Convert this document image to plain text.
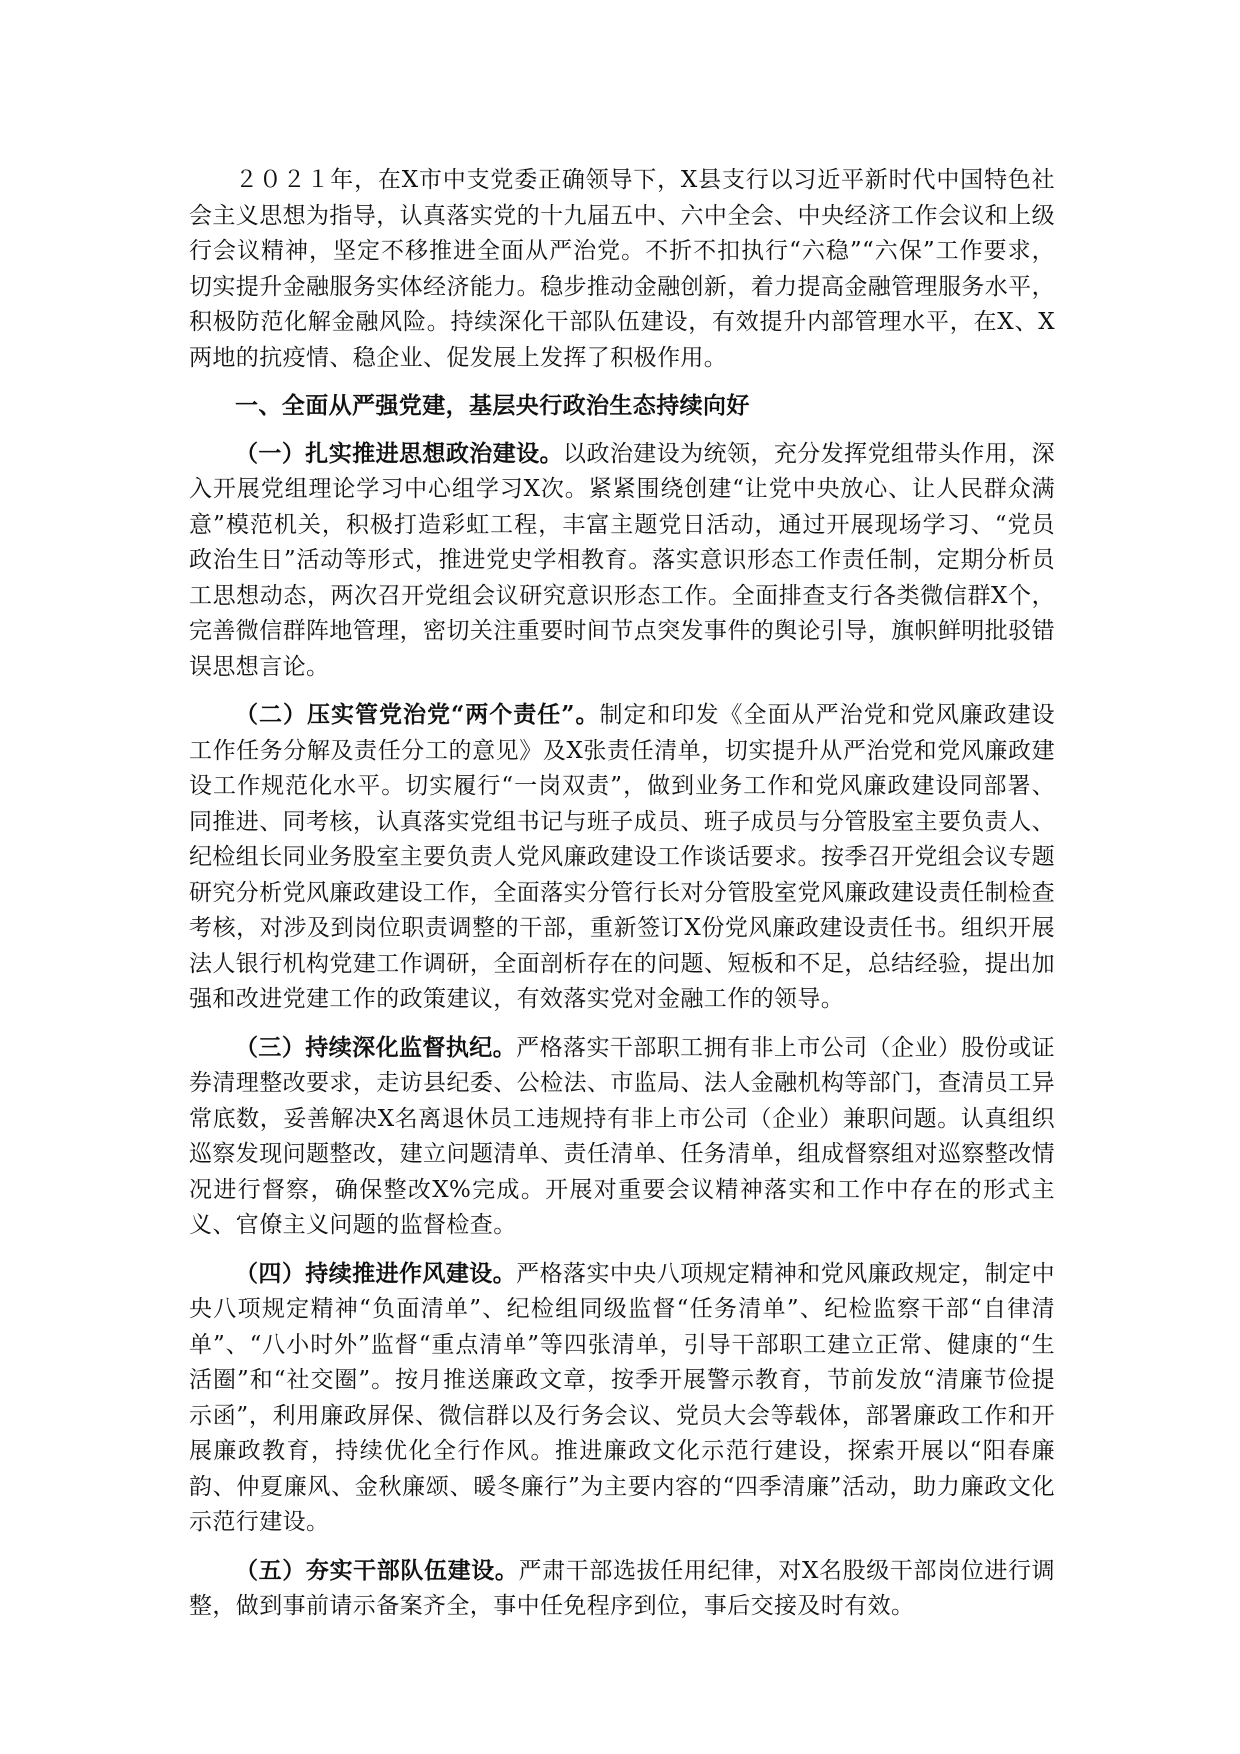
２０２１年，在X市中支党委正确领导下，X县支行以习近平新时代中国特色社会主义思想为指导，认真落实党的十九届五中、六中全会、中央经济工作会议和上级行会议精神，坚定不移推进全面从严治党。不折不扣执行“六稳”“六保”工作要求，切实提升金融服务实体经济能力。稳步推动金融创新，着力提高金融管理服务水平，积极防范化解金融风险。持续深化干部队伍建设，有效提升内部管理水平，在X、X两地的抗疫情、稳企业、促发展上发挥了积极作用。

一、全面从严强党建，基层央行政治生态持续向好

（一）扎实推进思想政治建设。以政治建设为统领，充分发挥党组带头作用，深入开展党组理论学习中心组学习X次。紧紧围绕创建“让党中央放心、让人民群众满意”模范机关，积极打造彩虹工程，丰富主题党日活动，通过开展现场学习、“党员政治生日”活动等形式，推进党史学相教育。落实意识形态工作责任制，定期分析员工思想动态，两次召开党组会议研究意识形态工作。全面排查支行各类微信群X个，完善微信群阵地管理，密切关注重要时间节点突发事件的舆论引导，旗帜鲜明批驳错误思想言论。

（二）压实管党治党“两个责任”。制定和印发《全面从严治党和党风廉政建设工作任务分解及责任分工的意见》及X张责任清单，切实提升从严治党和党风廉政建设工作规范化水平。切实履行“一岗双责”，做到业务工作和党风廉政建设同部署、同推进、同考核，认真落实党组书记与班子成员、班子成员与分管股室主要负责人、纪检组长同业务股室主要负责人党风廉政建设工作谈话要求。按季召开党组会议专题研究分析党风廉政建设工作，全面落实分管行长对分管股室党风廉政建设责任制检查考核，对涉及到岗位职责调整的干部，重新签订X份党风廉政建设责任书。组织开展法人银行机构党建工作调研，全面剖析存在的问题、短板和不足，总结经验，提出加强和改进党建工作的政策建议，有效落实党对金融工作的领导。

（三）持续深化监督执纪。严格落实干部职工拥有非上市公司（企业）股份或证券清理整改要求，走访县纪委、公检法、市监局、法人金融机构等部门，查清员工异常底数，妥善解决X名离退休员工违规持有非上市公司（企业）兼职问题。认真组织巡察发现问题整改，建立问题清单、责任清单、任务清单，组成督察组对巡察整改情况进行督察，确保整改X%完成。开展对重要会议精神落实和工作中存在的形式主义、官僚主义问题的监督检查。

（四）持续推进作风建设。严格落实中央八项规定精神和党风廉政规定，制定中央八项规定精神“负面清单”、纪检组同级监督“任务清单”、纪检监察干部“自律清单”、“八小时外”监督“重点清单”等四张清单，引导干部职工建立正常、健康的“生活圈”和“社交圈”。按月推送廉政文章，按季开展警示教育，节前发放“清廉节俭提示函”，利用廉政屏保、微信群以及行务会议、党员大会等载体，部署廉政工作和开展廉政教育，持续优化全行作风。推进廉政文化示范行建设，探索开展以“阳春廉韵、仲夏廉风、金秋廉颂、暖冬廉行”为主要内容的“四季清廉”活动，助力廉政文化示范行建设。

（五）夯实干部队伍建设。严肃干部选拔任用纪律，对X名股级干部岗位进行调整，做到事前请示备案齐全，事中任免程序到位，事后交接及时有效。
